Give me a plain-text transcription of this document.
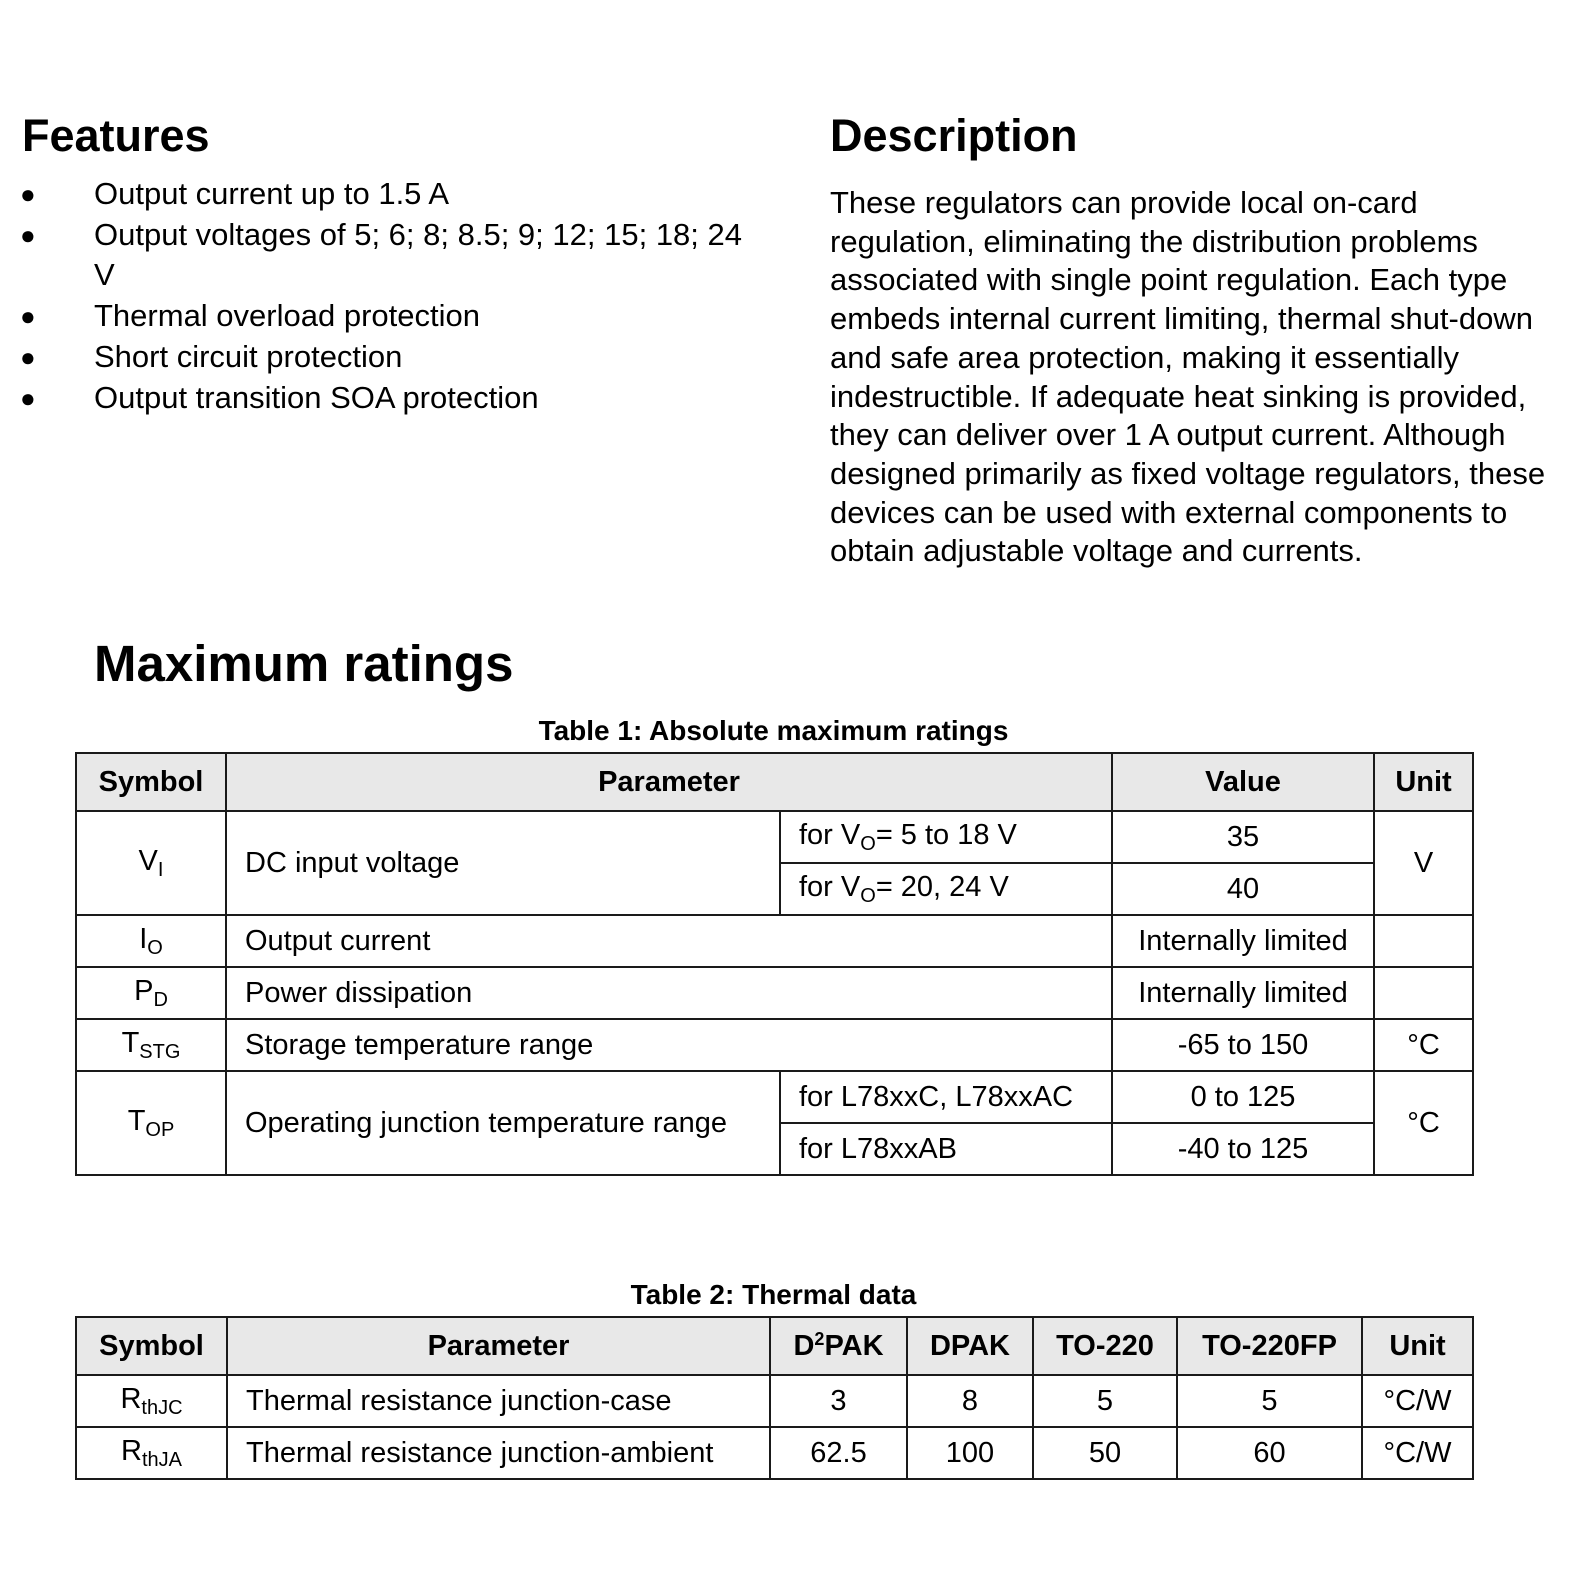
Features
● Output current up to 1.5 A
● Output voltages of 5; 6; 8; 8.5; 9; 12; 15; 18; 24 V
● Thermal overload protection
● Short circuit protection
● Output transition SOA protection
Description

These regulators can provide local on-card regulation, eliminating the distribution problems associated with single point regulation. Each type embeds internal current limiting, thermal shut-down and safe area protection, making it essentially indestructible. If adequate heat sinking is provided, they can deliver over 1 A output current. Although designed primarily as fixed voltage regulators, these devices can be used with external components to obtain adjustable voltage and currents.

Maximum ratings
Table 1: Absolute maximum ratings
Symbol	Parameter		Value	Unit
$V_I$	DC input voltage	for $V_O= 5$ to 18 V	35	V
		for $V_O= 20$, 24 V	40	
$I_O$	Output current		Internally limited	
$P_D$	Power dissipation		Internally limited	
$T_{STG}$	Storage temperature range		-65 to 150	°C
$T_{OP}$	Operating junction temperature range	for L78xxC, L78xxAC	0 to 125	°C
		for L78xxAB	-40 to 125	
Table 2: Thermal data
Symbol	Parameter	$D^2PAK$	DPAK	TO-220	TO-220FP	Unit
$R_{thJC}$	Thermal resistance junction-case	3	8	5	5	°C/W
$R_{thJA}$	Thermal resistance junction-ambient	62.5	100	50	60	°C/W
